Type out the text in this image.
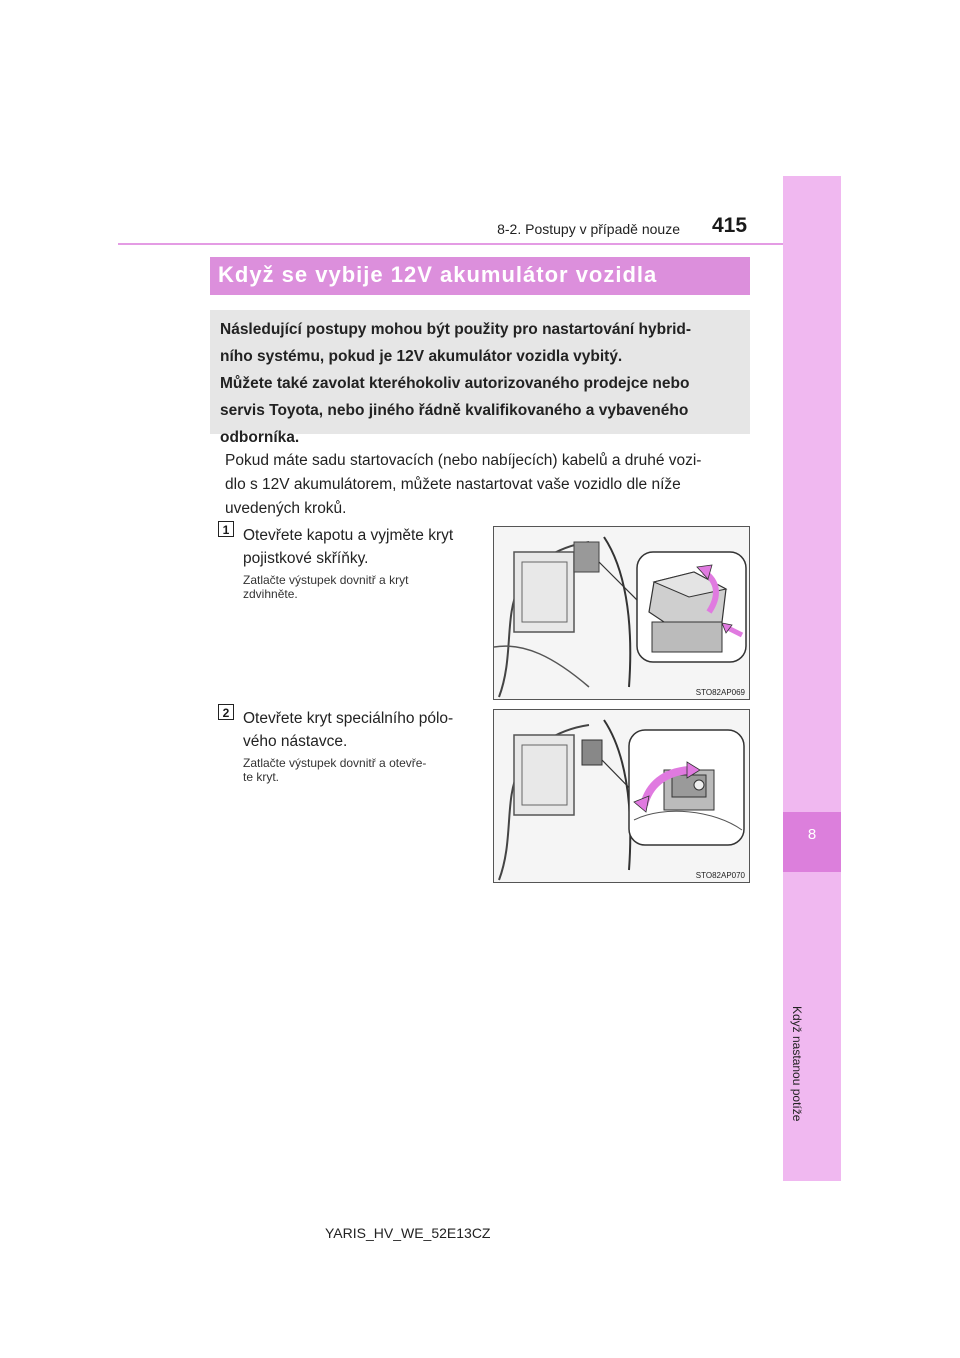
8
Když nastanou potíže
8-2. Postupy v případě nouze 415
Když se vybije 12V akumulátor vozidla
Následující postupy mohou být použity pro nastartování hybrid-
ního systému, pokud je 12V akumulátor vozidla vybitý.
Můžete také zavolat kteréhokoliv autorizovaného prodejce nebo
servis Toyota, nebo jiného řádně kvalifikovaného a vybaveného
odborníka.
Pokud máte sadu startovacích (nebo nabíjecích) kabelů a druhé vozi-
dlo s 12V akumulátorem, můžete nastartovat vaše vozidlo dle níže
uvedených kroků.
1 Otevřete kapotu a vyjměte kryt
pojistkové skříňky.
Zatlačte výstupek dovnitř a kryt
zdvihněte.
STO82AP069
2 Otevřete kryt speciálního pólo-
vého nástavce.
Zatlačte výstupek dovnitř a otevře-
te kryt.
STO82AP070
YARIS_HV_WE_52E13CZ
